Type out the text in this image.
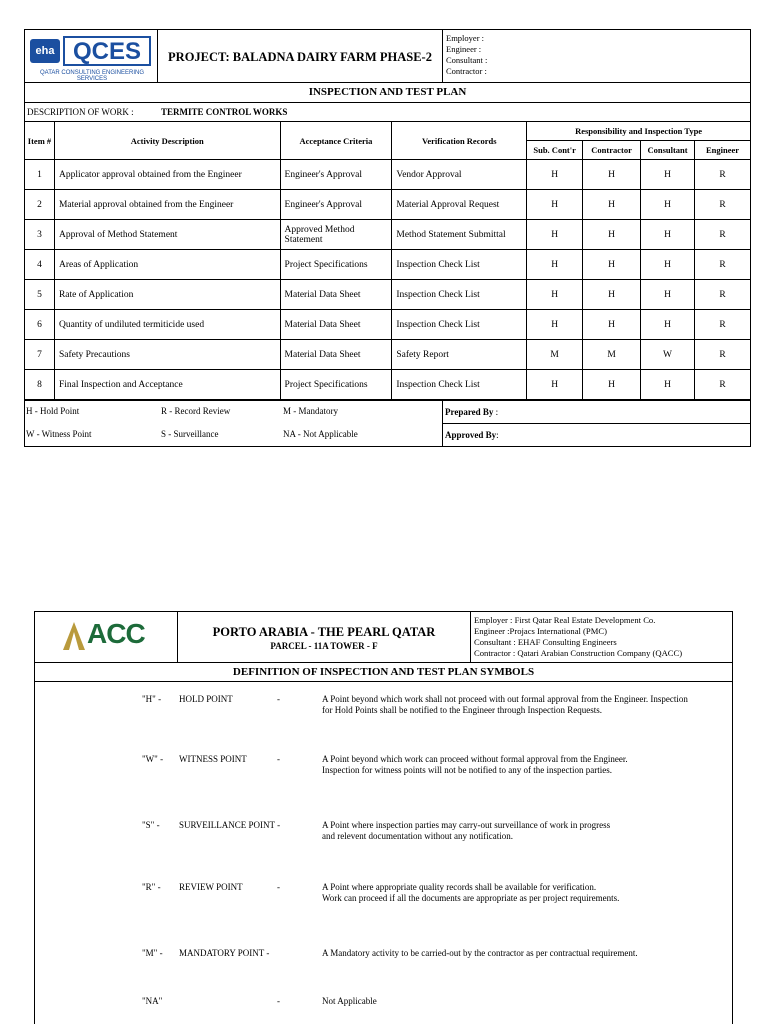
eha QCES
QATAR CONSULTING ENGINEERING SERVICES
PROJECT: BALADNA DAIRY FARM PHASE-2
Employer :
Engineer :
Consultant :
Contractor :
INSPECTION AND TEST PLAN
DESCRIPTION OF WORK :	TERMITE CONTROL WORKS
Item #	Activity Description	Acceptance Criteria	Verification Records	Responsibility and Inspection Type			
				Sub. Cont'r	Contractor	Consultant	Engineer
1	Applicator approval obtained from the Engineer	Engineer's Approval	Vendor Approval	H	H	H	R
2	Material approval obtained from the Engineer	Engineer's Approval	Material Approval Request	H	H	H	R
3	Approval of Method Statement	Approved Method Statement	Method Statement Submittal	H	H	H	R
4	Areas of Application	Project Specifications	Inspection Check List	H	H	H	R
5	Rate of Application	Material Data Sheet	Inspection Check List	H	H	H	R
6	Quantity of undiluted termiticide used	Material Data Sheet	Inspection Check List	H	H	H	R
7	Safety Precautions	Material Data Sheet	Safety Report	M	M	W	R
8	Final Inspection and Acceptance	Project Specifications	Inspection Check List	H	H	H	R
H - Hold Point	R - Record Review	M - Mandatory
W - Witness Point	S - Surveillance	NA - Not Applicable
Prepared By :
Approved By:
ACC	PORTO ARABIA - THE PEARL QATAR
PARCEL - 11A TOWER - F
Employer : First Qatar Real Estate Development Co.
Engineer :Projacs International (PMC)
Consultant : EHAF Consulting Engineers
Contractor : Qatari Arabian Construction Company (QACC)
DEFINITION OF INSPECTION AND TEST PLAN SYMBOLS
"H" - HOLD POINT	-	A Point beyond which work shall not proceed with out formal approval from the Engineer. Inspection
for Hold Points shall be notified to the Engineer through Inspection Requests.
"W" - WITNESS POINT	-	A Point beyond which work can proceed without formal approval from the Engineer.
Inspection for witness points will not be notified to any of the inspection parties.
"S" - SURVEILLANCE POINT -	A Point where inspection parties may carry-out surveillance of work in progress
and relevent documentation without any notification.
"R" - REVIEW POINT	-	A Point where appropriate quality records shall be available for verification.
Work can proceed if all the documents are appropriate as per project requirements.
"M" - MANDATORY POINT -	A Mandatory activity to be carried-out by the contractor as per contractual requirement.
"NA"	-	Not Applicable
